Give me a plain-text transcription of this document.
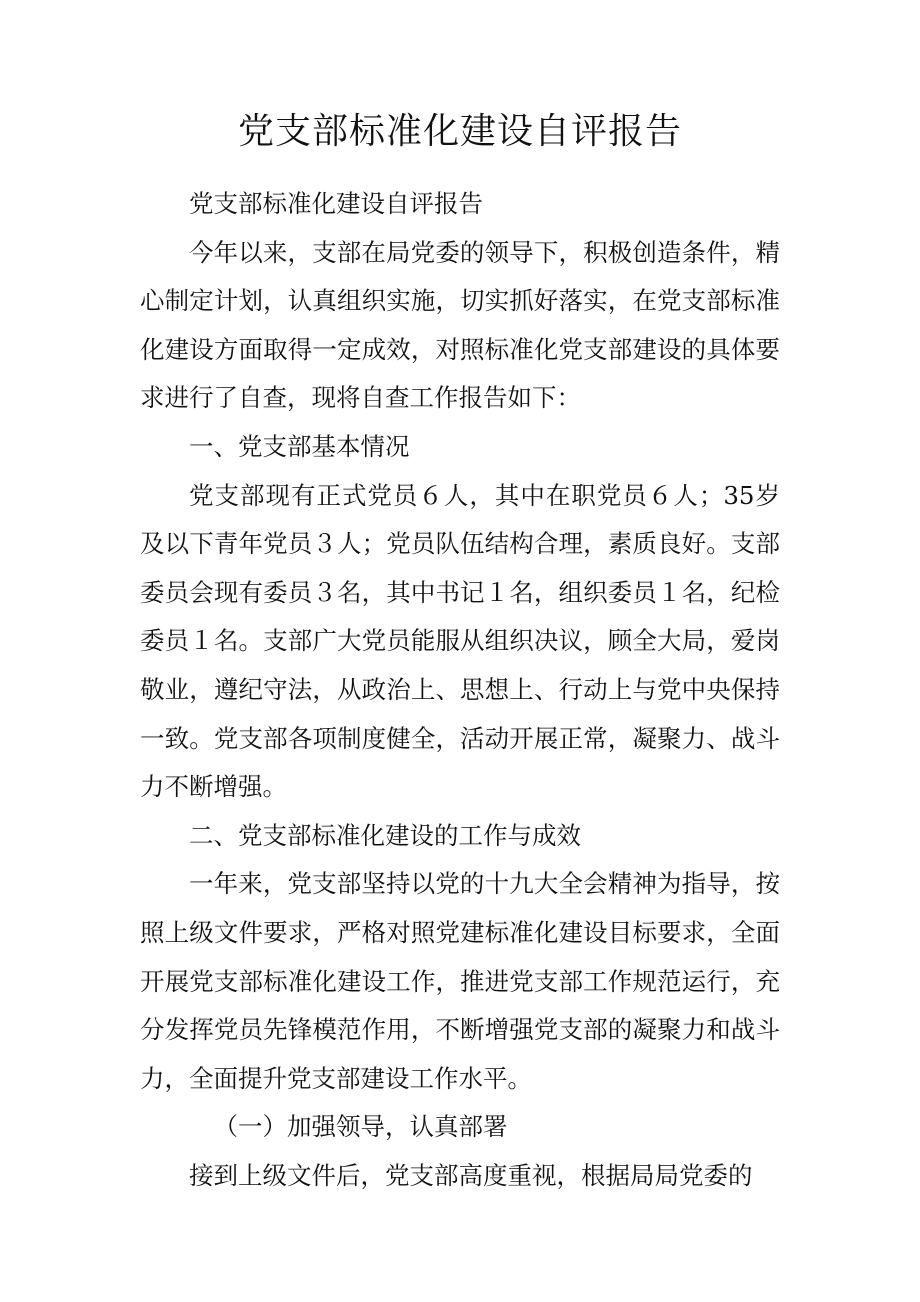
党支部标准化建设自评报告

党支部标准化建设自评报告

今年以来，支部在局党委的领导下，积极创造条件，精心制定计划，认真组织实施，切实抓好落实，在党支部标准化建设方面取得一定成效，对照标准化党支部建设的具体要求进行了自查，现将自查工作报告如下：

一、党支部基本情况

党支部现有正式党员６人，其中在职党员６人；35岁及以下青年党员３人；党员队伍结构合理，素质良好。支部委员会现有委员３名，其中书记１名，组织委员１名，纪检委员１名。支部广大党员能服从组织决议，顾全大局，爱岗敬业，遵纪守法，从政治上、思想上、行动上与党中央保持一致。党支部各项制度健全，活动开展正常，凝聚力、战斗力不断增强。

二、党支部标准化建设的工作与成效

一年来，党支部坚持以党的十九大全会精神为指导，按照上级文件要求，严格对照党建标准化建设目标要求，全面开展党支部标准化建设工作，推进党支部工作规范运行，充分发挥党员先锋模范作用，不断增强党支部的凝聚力和战斗力，全面提升党支部建设工作水平。

（一）加强领导，认真部署

接到上级文件后，党支部高度重视，根据局局党委的
